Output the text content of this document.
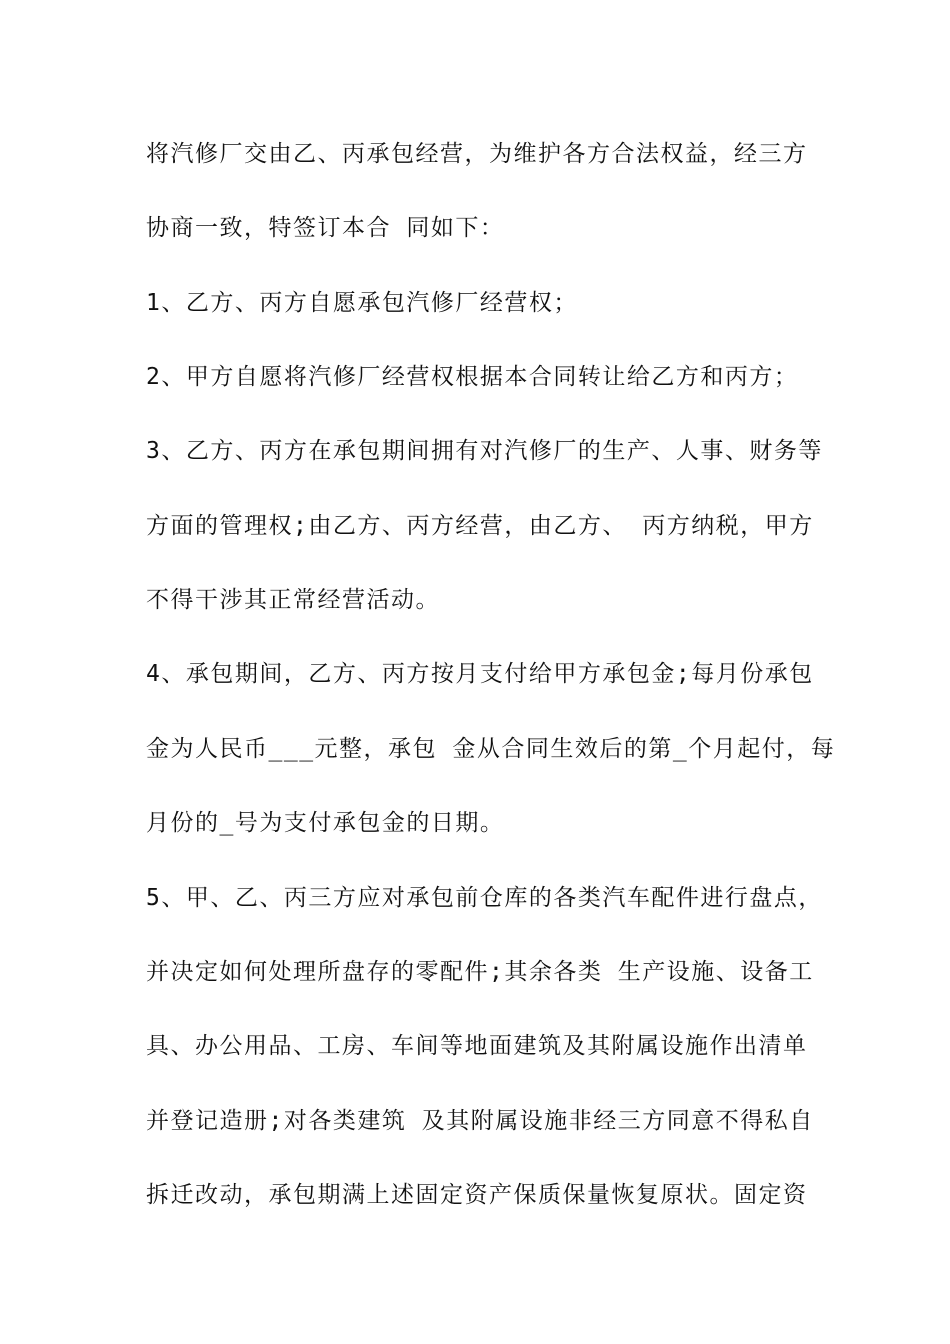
将汽修厂交由乙、丙承包经营，为维护各方合法权益，经三方
协商一致，特签订本合 同如下：
1、乙方、丙方自愿承包汽修厂经营权；
2、甲方自愿将汽修厂经营权根据本合同转让给乙方和丙方；
3、乙方、丙方在承包期间拥有对汽修厂的生产、人事、财务等
方面的管理权;由乙方、丙方经营，由乙方、 丙方纳税，甲方
不得干涉其正常经营活动。
4、承包期间，乙方、丙方按月支付给甲方承包金;每月份承包
金为人民币___元整，承包 金从合同生效后的第_个月起付，每
月份的_号为支付承包金的日期。
5、甲、乙、丙三方应对承包前仓库的各类汽车配件进行盘点，
并决定如何处理所盘存的零配件;其余各类 生产设施、设备工
具、办公用品、工房、车间等地面建筑及其附属设施作出清单
并登记造册;对各类建筑 及其附属设施非经三方同意不得私自
拆迁改动，承包期满上述固定资产保质保量恢复原状。固定资
